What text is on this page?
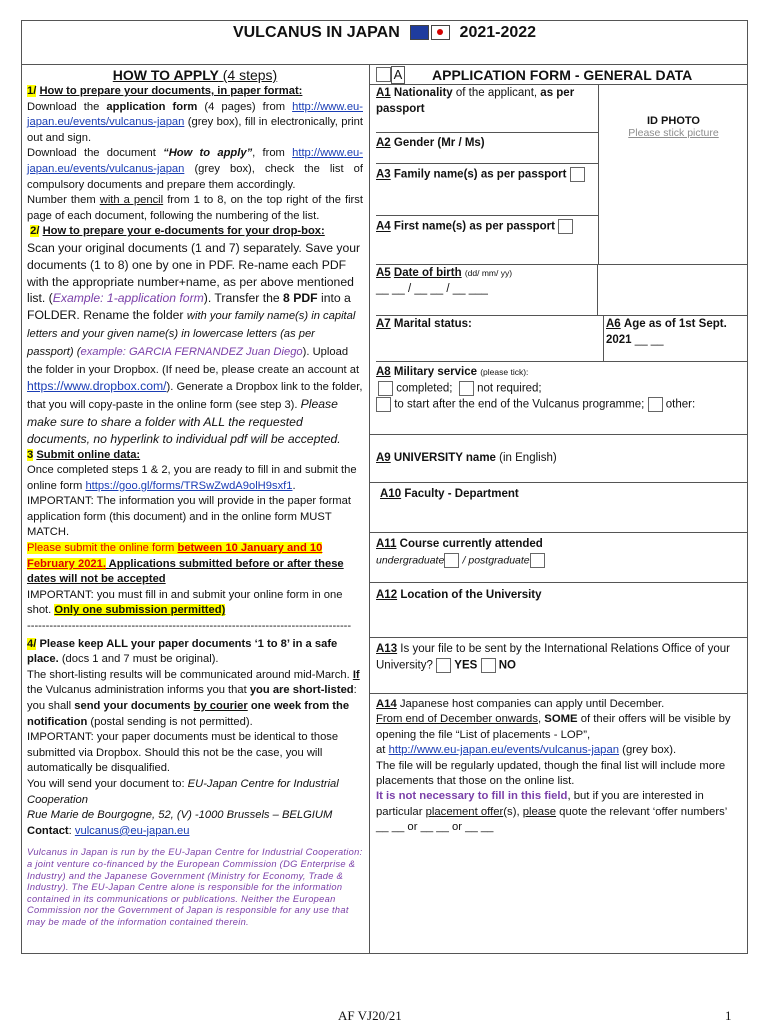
VULCANUS IN JAPAN	2021-2022

HOW TO APPLY (4 steps)

1/ How to prepare your documents, in paper format:

Download the application form (4 pages) from http://www.eu-japan.eu/events/vulcanus-japan (grey box), fill in electronically, print out and sign.

Download the document “How to apply”, from http://www.eu-japan.eu/events/vulcanus-japan (grey box), check the list of compulsory documents and prepare them accordingly.

Number them with a pencil from 1 to 8, on the top right of the first page of each document, following the numbering of the list.

2/ How to prepare your e-documents for your drop-box:

Scan your original documents (1 and 7) separately. Save your documents (1 to 8) one by one in PDF. Re-name each PDF with the appropriate number+name, as per above mentioned list. (Example: 1-application form). Transfer the 8 PDF into a FOLDER. Rename the folder with your family name(s) in capital letters and your given name(s) in lowercase letters (as per passport) (example: GARCIA FERNANDEZ Juan Diego). Upload the folder in your Dropbox. (If need be, please create an account at https://www.dropbox.com/). Generate a Dropbox link to the folder, that you will copy-paste in the online form (see step 3). Please make sure to share a folder with ALL the requested documents, no hyperlink to individual pdf will be accepted.

3 Submit online data:

Once completed steps 1 & 2, you are ready to fill in and submit the online form https://goo.gl/forms/TRSwZwdA9olH9sxf1.

IMPORTANT: The information you will provide in the paper format application form (this document) and in the online form MUST MATCH.

Please submit the online form between 10 January and 10 February 2021. Applications submitted before or after these dates will not be accepted

IMPORTANT: you must fill in and submit your online form in one shot. Only one submission permitted)

---------------------------------------------------------------------------------------

4/ Please keep ALL your paper documents ‘1 to 8’ in a safe place. (docs 1 and 7 must be original).

The short-listing results will be communicated around mid-March. If the Vulcanus administration informs you that you are short-listed: you shall send your documents by courier one week from the notification (postal sending is not permitted).

IMPORTANT: your paper documents must be identical to those submitted via Dropbox. Should this not be the case, you will automatically be disqualified.

You will send your document to: EU-Japan Centre for Industrial Cooperation

Rue Marie de Bourgogne, 52, (V) -1000 Brussels – BELGIUM

Contact: vulcanus@eu-japan.eu

Vulcanus in Japan is run by the EU-Japan Centre for Industrial Cooperation: a joint venture co-financed by the European Commission (DG Enterprise & Industry) and the Japanese Government (Ministry for Economy, Trade & Industry). The EU-Japan Centre alone is responsible for the information contained in its communications or publications. Neither the European Commission nor the Government of Japan is responsible for any use that may be made of the information contained therein.

A APPLICATION FORM - GENERAL DATA
ID PHOTO
Please stick picture
A1 Nationality of the applicant, as per passport
A2 Gender (Mr / Ms)
A3 Family name(s) as per passport
A4 First name(s) as per passport
A5 Date of birth (dd/ mm/ yy)
__ __ / __ __ / __ ___
A7 Marital status:	A6 Age as of 1st Sept. 2021 __ __
A8 Military service (please tick):
completed; not required;
to start after the end of the Vulcanus programme; other:
A9 UNIVERSITY name (in English)
A10 Faculty - Department
A11 Course currently attended
undergraduate / postgraduate
A12 Location of the University
A13 Is your file to be sent by the International Relations Office of your University? YES NO

A14 Japanese host companies can apply until December.

From end of December onwards, SOME of their offers will be visible by opening the file “List of placements - LOP”,

at http://www.eu-japan.eu/events/vulcanus-japan (grey box).

The file will be regularly updated, though the final list will include more placements that those on the online list.

It is not necessary to fill in this field, but if you are interested in particular placement offer(s), please quote the relevant ‘offer numbers’ __ __ or __ __ or __ __

AF VJ20/21	1
